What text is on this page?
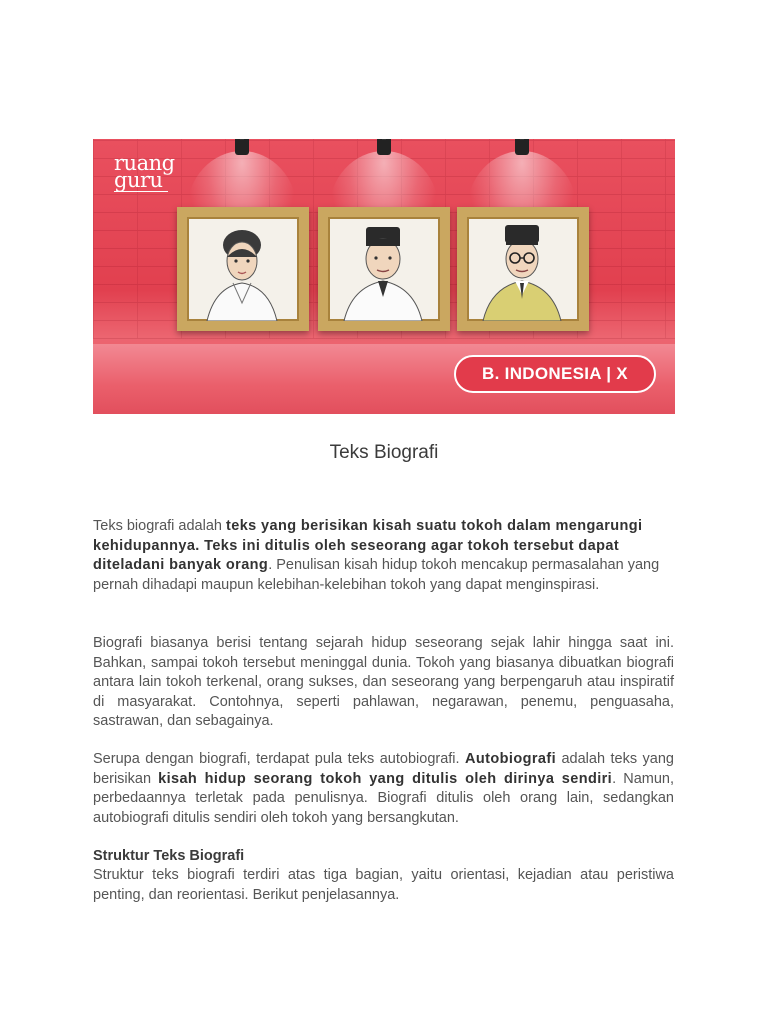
ruang
guru
B. INDONESIA | X
Teks Biografi
Teks biografi adalah teks yang berisikan kisah suatu tokoh dalam mengarungi kehidupannya. Teks ini ditulis oleh seseorang agar tokoh tersebut dapat diteladani banyak orang. Penulisan kisah hidup tokoh mencakup permasalahan yang pernah dihadapi maupun kelebihan-kelebihan tokoh yang dapat menginspirasi.
Biografi biasanya berisi tentang sejarah hidup seseorang sejak lahir hingga saat ini. Bahkan, sampai tokoh tersebut meninggal dunia. Tokoh yang biasanya dibuatkan biografi antara lain tokoh terkenal, orang sukses, dan seseorang yang berpengaruh atau inspiratif di masyarakat. Contohnya, seperti pahlawan, negarawan, penemu, penguasaha, sastrawan, dan sebagainya.
Serupa dengan biografi, terdapat pula teks autobiografi. Autobiografi adalah teks yang berisikan kisah hidup seorang tokoh yang ditulis oleh dirinya sendiri. Namun, perbedaannya terletak pada penulisnya. Biografi ditulis oleh orang lain, sedangkan autobiografi ditulis sendiri oleh tokoh yang bersangkutan.
Struktur Teks Biografi
Struktur teks biografi terdiri atas tiga bagian, yaitu orientasi, kejadian atau peristiwa penting, dan reorientasi. Berikut penjelasannya.
